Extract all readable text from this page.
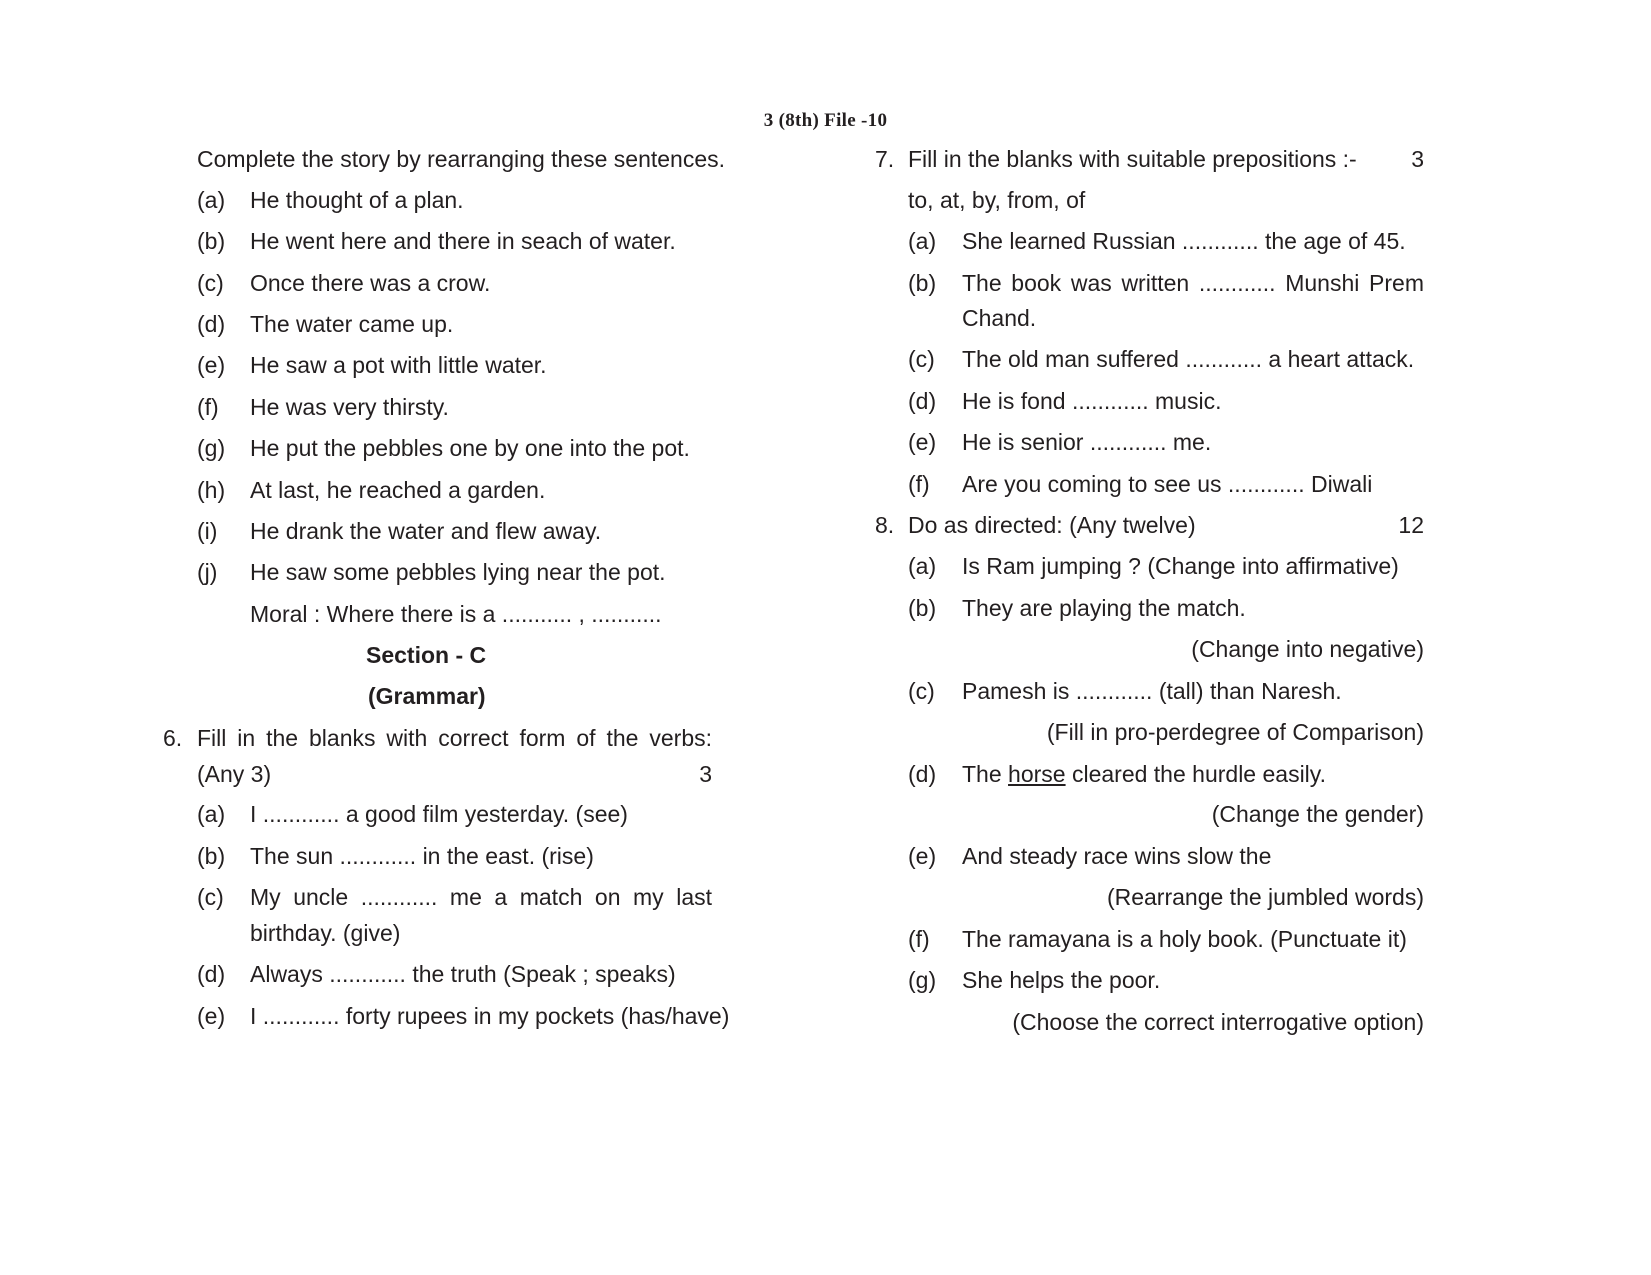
3 (8th) File -10
Complete the story by rearranging these sentences.
(a) He thought of a plan.
(b) He went here and there in seach of water.
(c) Once there was a crow.
(d) The water came up.
(e) He saw a pot with little water.
(f) He was very thirsty.
(g) He put the pebbles one by one into the pot.
(h) At last, he reached a garden.
(i) He drank the water and flew away.
(j) He saw some pebbles lying near the pot.
Moral : Where there is a ........... , ...........
Section - C
(Grammar)
6. Fill in the blanks with correct form of the verbs:
(Any 3)	3
(a) I ............ a good film yesterday. (see)
(b) The sun ............ in the east. (rise)
(c) My uncle ............ me a match on my last
birthday. (give)
(d) Always ............ the truth (Speak ; speaks)
(e) I ............ forty rupees in my pockets (has/have)
7. Fill in the blanks with suitable prepositions :-	3
to, at, by, from, of
(a) She learned Russian ............ the age of 45.
(b) The book was written ............ Munshi Prem
Chand.
(c) The old man suffered ............ a heart attack.
(d) He is fond ............ music.
(e) He is senior ............ me.
(f) Are you coming to see us ............ Diwali
8. Do as directed: (Any twelve)	12
(a) Is Ram jumping ? (Change into affirmative)
(b) They are playing the match.
(Change into negative)
(c) Pamesh is ............ (tall) than Naresh.
(Fill in pro-perdegree of Comparison)
(d) The horse cleared the hurdle easily.
(Change the gender)
(e) And steady race wins slow the
(Rearrange the jumbled words)
(f) The ramayana is a holy book. (Punctuate it)
(g) She helps the poor.
(Choose the correct interrogative option)
